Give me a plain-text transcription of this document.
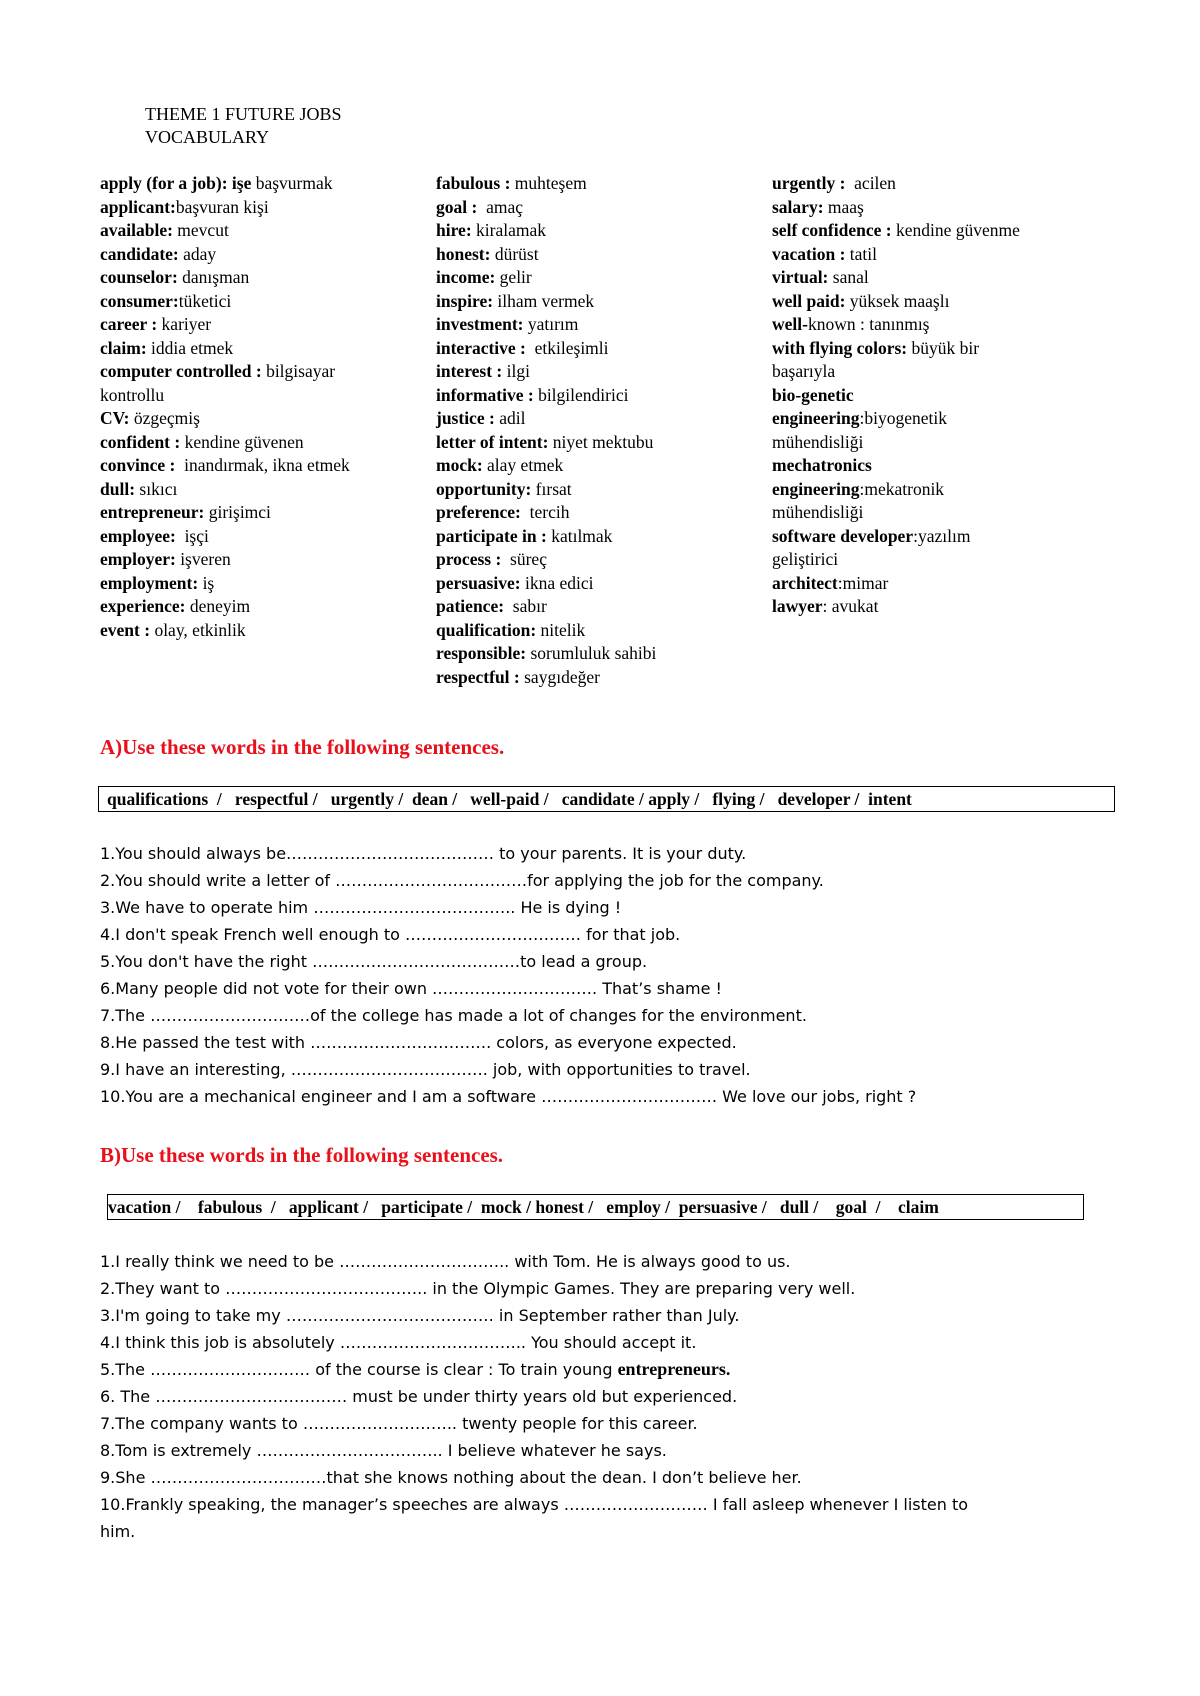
THEME 1 FUTURE JOBS
VOCABULARY
apply (for a job): işe başvurmak
applicant:başvuran kişi
available: mevcut
candidate: aday
counselor: danışman
consumer:tüketici
career : kariyer
claim: iddia etmek
computer controlled : bilgisayar
kontrollu
CV: özgeçmiş
confident : kendine güvenen
convince :  inandırmak, ikna etmek
dull: sıkıcı
entrepreneur: girişimci
employee:  işçi
employer: işveren
employment: iş
experience: deneyim
event : olay, etkinlik
fabulous : muhteşem
goal :  amaç
hire: kiralamak
honest: dürüst
income: gelir
inspire: ilham vermek
investment: yatırım
interactive :  etkileşimli
interest : ilgi
informative : bilgilendirici
justice : adil
letter of intent: niyet mektubu
mock: alay etmek
opportunity: fırsat
preference:  tercih
participate in : katılmak
process :  süreç
persuasive: ikna edici
patience:  sabır
qualification: nitelik
responsible: sorumluluk sahibi
respectful : saygıdeğer
urgently :  acilen
salary: maaş
self confidence : kendine güvenme
vacation : tatil
virtual: sanal
well paid: yüksek maaşlı
well-known : tanınmış
with flying colors: büyük bir
başarıyla
bio-genetic
engineering:biyogenetik
mühendisliği
mechatronics
engineering:mekatronik
mühendisliği
software developer:yazılım
geliştirici
architect:mimar
lawyer: avukat
A)Use these words in the following sentences.
qualifications  /   respectful /   urgently /  dean /   well-paid /   candidate / apply /   flying /   developer /  intent
1.You should always be………………………………… to your parents. It is your duty.
2.You should write a letter of ………………………………for applying the job for the company.
3.We have to operate him ……………………………….. He is dying !
4.I don't speak French well enough to …………………………… for that job.
5.You don't have the right …………………………………to lead a group.
6.Many people did not vote for their own …………………………. That’s shame !
7.The …………………………of the college has made a lot of changes for the environment.
8.He passed the test with ……………………………. colors, as everyone expected.
9.I have an interesting, ………………………………. job, with opportunities to travel.
10.You are a mechanical engineer and I am a software …………………………… We love our jobs, right ?
B)Use these words in the following sentences.
vacation /    fabulous  /   applicant /   participate /  mock / honest /   employ /  persuasive /   dull /    goal  /    claim
1.I really think we need to be ………………………….. with Tom. He is always good to us.
2.They want to ……………………………….. in the Olympic Games. They are preparing very well.
3.I'm going to take my ………………………………… in September rather than July.
4.I think this job is absolutely …………………………….. You should accept it.
5.The ………………………… of the course is clear : To train young entrepreneurs.
6. The ……………………………… must be under thirty years old but experienced.
7.The company wants to ……………………….. twenty people for this career.
8.Tom is extremely …………………………….. I believe whatever he says.
9.She ……………………………that she knows nothing about the dean. I don’t believe her.
10.Frankly speaking, the manager’s speeches are always ……………………… I fall asleep whenever I listen to
him.
